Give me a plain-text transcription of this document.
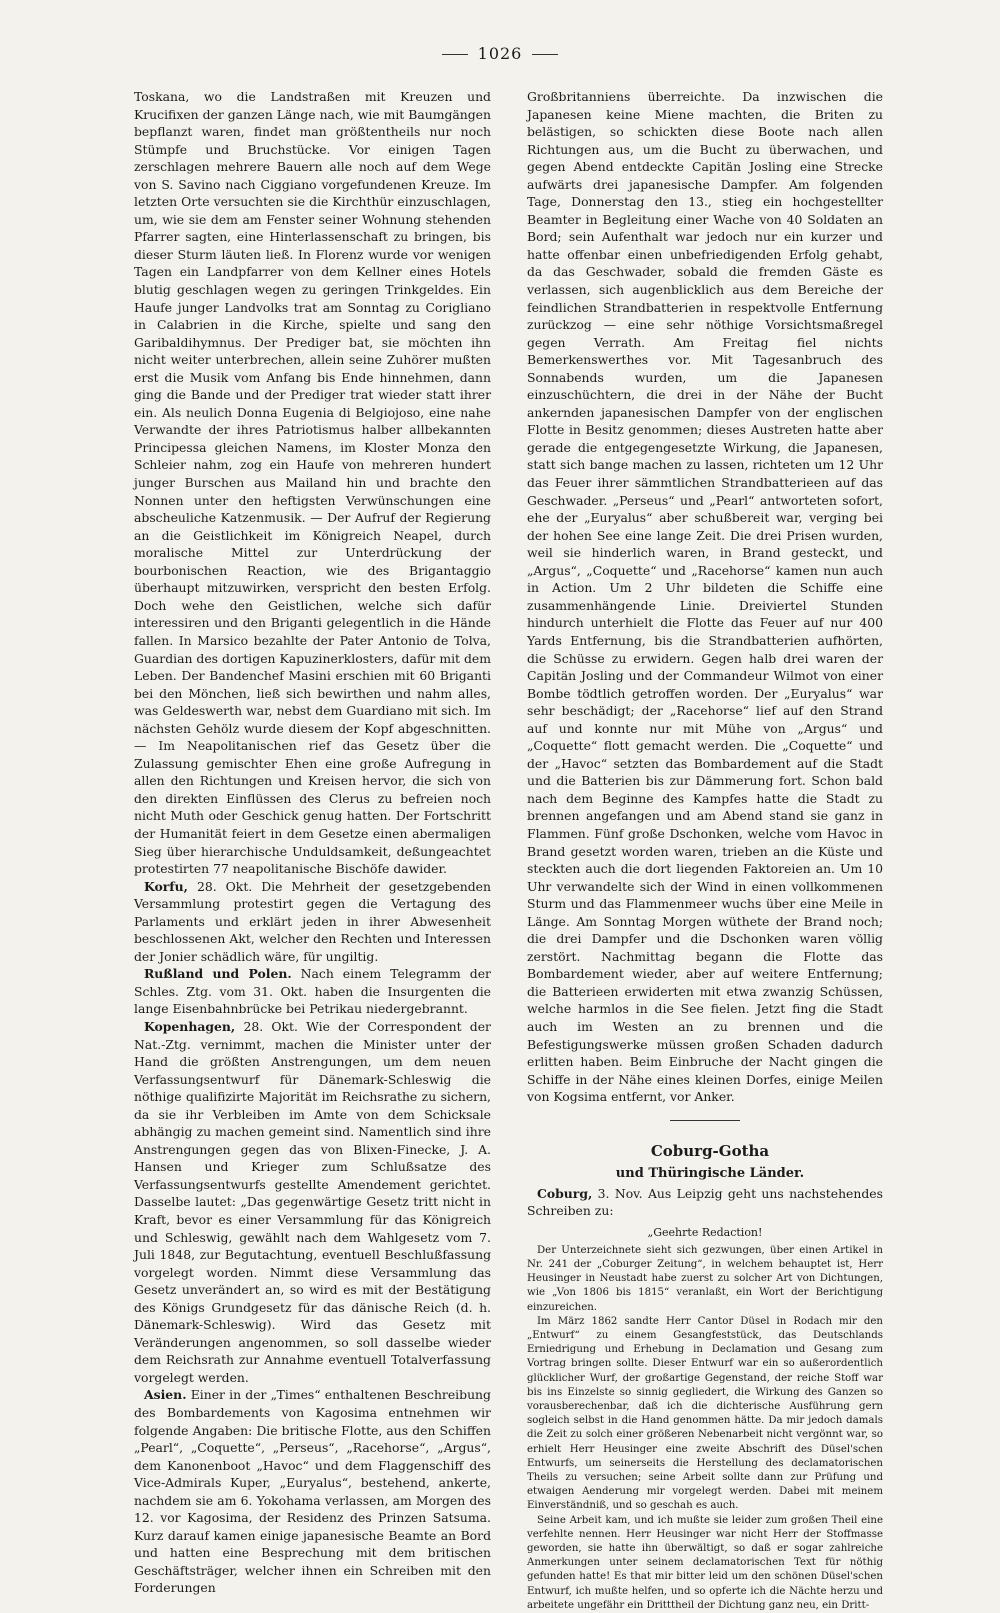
1026

Toskana, wo die Landstraßen mit Kreuzen und Krucifixen der ganzen Länge nach, wie mit Baumgängen bepflanzt waren, findet man größtentheils nur noch Stümpfe und Bruchstücke. Vor einigen Tagen zerschlagen mehrere Bauern alle noch auf dem Wege von S. Savino nach Ciggiano vorgefundenen Kreuze. Im letzten Orte versuchten sie die Kirchthür einzuschlagen, um, wie sie dem am Fenster seiner Wohnung stehenden Pfarrer sagten, eine Hinterlassenschaft zu bringen, bis dieser Sturm läuten ließ. In Florenz wurde vor wenigen Tagen ein Landpfarrer von dem Kellner eines Hotels blutig geschlagen wegen zu geringen Trinkgeldes. Ein Haufe junger Landvolks trat am Sonntag zu Corigliano in Calabrien in die Kirche, spielte und sang den Garibaldihymnus. Der Prediger bat, sie möchten ihn nicht weiter unterbrechen, allein seine Zuhörer mußten erst die Musik vom Anfang bis Ende hinnehmen, dann ging die Bande und der Prediger trat wieder statt ihrer ein. Als neulich Donna Eugenia di Belgiojoso, eine nahe Verwandte der ihres Patriotismus halber allbekannten Principessa gleichen Namens, im Kloster Monza den Schleier nahm, zog ein Haufe von mehreren hundert junger Burschen aus Mailand hin und brachte den Nonnen unter den heftigsten Verwünschungen eine abscheuliche Katzenmusik. — Der Aufruf der Regierung an die Geistlichkeit im Königreich Neapel, durch moralische Mittel zur Unterdrückung der bourbonischen Reaction, wie des Brigantaggio überhaupt mitzuwirken, verspricht den besten Erfolg. Doch wehe den Geistlichen, welche sich dafür interessiren und den Briganti gelegentlich in die Hände fallen. In Marsico bezahlte der Pater Antonio de Tolva, Guardian des dortigen Kapuzinerklosters, dafür mit dem Leben. Der Bandenchef Masini erschien mit 60 Briganti bei den Mönchen, ließ sich bewirthen und nahm alles, was Geldeswerth war, nebst dem Guardiano mit sich. Im nächsten Gehölz wurde diesem der Kopf abgeschnitten. — Im Neapolitanischen rief das Gesetz über die Zulassung gemischter Ehen eine große Aufregung in allen den Richtungen und Kreisen hervor, die sich von den direkten Einflüssen des Clerus zu befreien noch nicht Muth oder Geschick genug hatten. Der Fortschritt der Humanität feiert in dem Gesetze einen abermaligen Sieg über hierarchische Unduldsamkeit, deßungeachtet protestirten 77 neapolitanische Bischöfe dawider.

Korfu, 28. Okt. Die Mehrheit der gesetzgebenden Versammlung protestirt gegen die Vertagung des Parlaments und erklärt jeden in ihrer Abwesenheit beschlossenen Akt, welcher den Rechten und Interessen der Jonier schädlich wäre, für ungiltig.

Rußland und Polen. Nach einem Telegramm der Schles. Ztg. vom 31. Okt. haben die Insurgenten die lange Eisenbahnbrücke bei Petrikau niedergebrannt.

Kopenhagen, 28. Okt. Wie der Correspondent der Nat.-Ztg. vernimmt, machen die Minister unter der Hand die größten Anstrengungen, um dem neuen Verfassungsentwurf für Dänemark-Schleswig die nöthige qualifizirte Majorität im Reichsrathe zu sichern, da sie ihr Verbleiben im Amte von dem Schicksale abhängig zu machen gemeint sind. Namentlich sind ihre Anstrengungen gegen das von Blixen-Finecke, J. A. Hansen und Krieger zum Schlußsatze des Verfassungsentwurfs gestellte Amendement gerichtet. Dasselbe lautet: „Das gegenwärtige Gesetz tritt nicht in Kraft, bevor es einer Versammlung für das Königreich und Schleswig, gewählt nach dem Wahlgesetz vom 7. Juli 1848, zur Begutachtung, eventuell Beschlußfassung vorgelegt worden. Nimmt diese Versammlung das Gesetz unverändert an, so wird es mit der Bestätigung des Königs Grundgesetz für das dänische Reich (d. h. Dänemark-Schleswig). Wird das Gesetz mit Veränderungen angenommen, so soll dasselbe wieder dem Reichsrath zur Annahme eventuell Totalverfassung vorgelegt werden.

Asien. Einer in der „Times“ enthaltenen Beschreibung des Bombardements von Kagosima entnehmen wir folgende Angaben: Die britische Flotte, aus den Schiffen „Pearl“, „Coquette“, „Perseus“, „Racehorse“, „Argus“, dem Kanonenboot „Havoc“ und dem Flaggenschiff des Vice-Admirals Kuper, „Euryalus“, bestehend, ankerte, nachdem sie am 6. Yokohama verlassen, am Morgen des 12. vor Kagosima, der Residenz des Prinzen Satsuma. Kurz darauf kamen einige japanesische Beamte an Bord und hatten eine Besprechung mit dem britischen Geschäftsträger, welcher ihnen ein Schreiben mit den Forderungen

Großbritanniens überreichte. Da inzwischen die Japanesen keine Miene machten, die Briten zu belästigen, so schickten diese Boote nach allen Richtungen aus, um die Bucht zu überwachen, und gegen Abend entdeckte Capitän Josling eine Strecke aufwärts drei japanesische Dampfer. Am folgenden Tage, Donnerstag den 13., stieg ein hochgestellter Beamter in Begleitung einer Wache von 40 Soldaten an Bord; sein Aufenthalt war jedoch nur ein kurzer und hatte offenbar einen unbefriedigenden Erfolg gehabt, da das Geschwader, sobald die fremden Gäste es verlassen, sich augenblicklich aus dem Bereiche der feindlichen Strandbatterien in respektvolle Entfernung zurückzog — eine sehr nöthige Vorsichtsmaßregel gegen Verrath. Am Freitag fiel nichts Bemerkenswerthes vor. Mit Tagesanbruch des Sonnabends wurden, um die Japanesen einzuschüchtern, die drei in der Nähe der Bucht ankernden japanesischen Dampfer von der englischen Flotte in Besitz genommen; dieses Austreten hatte aber gerade die entgegengesetzte Wirkung, die Japanesen, statt sich bange machen zu lassen, richteten um 12 Uhr das Feuer ihrer sämmtlichen Strandbatterieen auf das Geschwader. „Perseus“ und „Pearl“ antworteten sofort, ehe der „Euryalus“ aber schußbereit war, verging bei der hohen See eine lange Zeit. Die drei Prisen wurden, weil sie hinderlich waren, in Brand gesteckt, und „Argus“, „Coquette“ und „Racehorse“ kamen nun auch in Action. Um 2 Uhr bildeten die Schiffe eine zusammenhängende Linie. Dreiviertel Stunden hindurch unterhielt die Flotte das Feuer auf nur 400 Yards Entfernung, bis die Strandbatterien aufhörten, die Schüsse zu erwidern. Gegen halb drei waren der Capitän Josling und der Commandeur Wilmot von einer Bombe tödtlich getroffen worden. Der „Euryalus“ war sehr beschädigt; der „Racehorse“ lief auf den Strand auf und konnte nur mit Mühe von „Argus“ und „Coquette“ flott gemacht werden. Die „Coquette“ und der „Havoc“ setzten das Bombardement auf die Stadt und die Batterien bis zur Dämmerung fort. Schon bald nach dem Beginne des Kampfes hatte die Stadt zu brennen angefangen und am Abend stand sie ganz in Flammen. Fünf große Dschonken, welche vom Havoc in Brand gesetzt worden waren, trieben an die Küste und steckten auch die dort liegenden Faktoreien an. Um 10 Uhr verwandelte sich der Wind in einen vollkommenen Sturm und das Flammenmeer wuchs über eine Meile in Länge. Am Sonntag Morgen wüthete der Brand noch; die drei Dampfer und die Dschonken waren völlig zerstört. Nachmittag begann die Flotte das Bombardement wieder, aber auf weitere Entfernung; die Batterieen erwiderten mit etwa zwanzig Schüssen, welche harmlos in die See fielen. Jetzt fing die Stadt auch im Westen an zu brennen und die Befestigungswerke müssen großen Schaden dadurch erlitten haben. Beim Einbruche der Nacht gingen die Schiffe in der Nähe eines kleinen Dorfes, einige Meilen von Kogsima entfernt, vor Anker.

Coburg-Gotha

und Thüringische Länder.

Coburg, 3. Nov. Aus Leipzig geht uns nachstehendes Schreiben zu:

„Geehrte Redaction!

Der Unterzeichnete sieht sich gezwungen, über einen Artikel in Nr. 241 der „Coburger Zeitung“, in welchem behauptet ist, Herr Heusinger in Neustadt habe zuerst zu solcher Art von Dichtungen, wie „Von 1806 bis 1815“ veranlaßt, ein Wort der Berichtigung einzureichen.

Im März 1862 sandte Herr Cantor Düsel in Rodach mir den „Entwurf“ zu einem Gesangfeststück, das Deutschlands Erniedrigung und Erhebung in Declamation und Gesang zum Vortrag bringen sollte. Dieser Entwurf war ein so außerordentlich glücklicher Wurf, der großartige Gegenstand, der reiche Stoff war bis ins Einzelste so sinnig gegliedert, die Wirkung des Ganzen so vorausberechenbar, daß ich die dichterische Ausführung gern sogleich selbst in die Hand genommen hätte. Da mir jedoch damals die Zeit zu solch einer größeren Nebenarbeit nicht vergönnt war, so erhielt Herr Heusinger eine zweite Abschrift des Düsel'schen Entwurfs, um seinerseits die Herstellung des declamatorischen Theils zu versuchen; seine Arbeit sollte dann zur Prüfung und etwaigen Aenderung mir vorgelegt werden. Dabei mit meinem Einverständniß, und so geschah es auch.

Seine Arbeit kam, und ich mußte sie leider zum großen Theil eine verfehlte nennen. Herr Heusinger war nicht Herr der Stoffmasse geworden, sie hatte ihn überwältigt, so daß er sogar zahlreiche Anmerkungen unter seinem declamatorischen Text für nöthig gefunden hatte! Es that mir bitter leid um den schönen Düsel'schen Entwurf, ich mußte helfen, und so opferte ich die Nächte herzu und arbeitete ungefähr ein Dritttheil der Dichtung ganz neu, ein Dritt-
